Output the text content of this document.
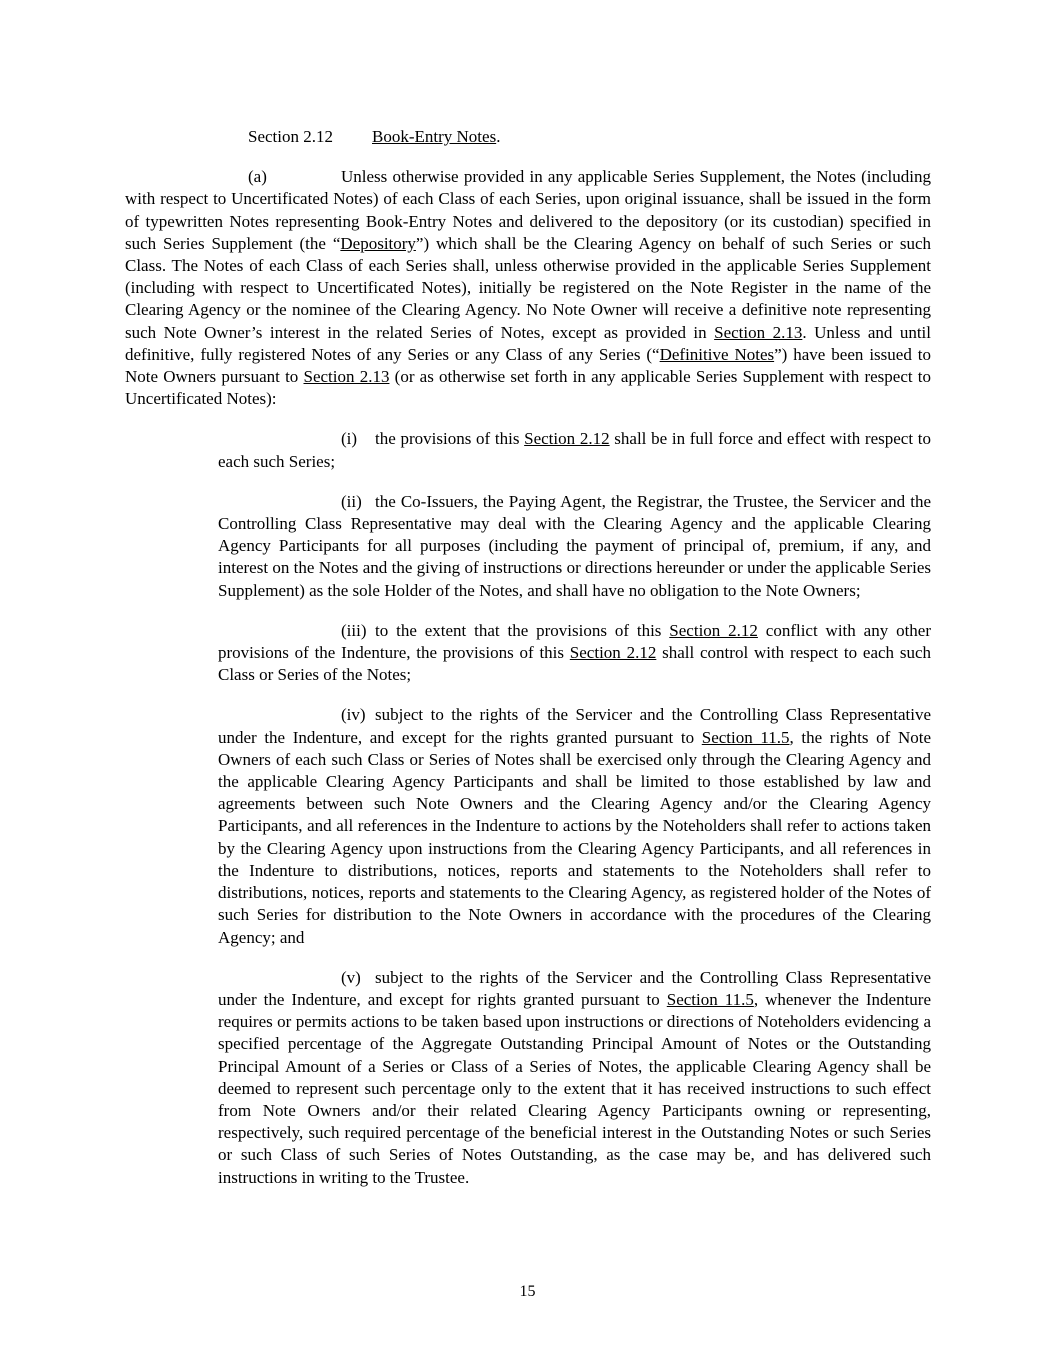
Section 2.12 Book-Entry Notes.

(a)	Unless otherwise provided in any applicable Series Supplement, the Notes (including with respect to Uncertificated Notes) of each Class of each Series, upon original issuance, shall be issued in the form of typewritten Notes representing Book-Entry Notes and delivered to the depository (or its custodian) specified in such Series Supplement (the “Depository”) which shall be the Clearing Agency on behalf of such Series or such Class. The Notes of each Class of each Series shall, unless otherwise provided in the applicable Series Supplement (including with respect to Uncertificated Notes), initially be registered on the Note Register in the name of the Clearing Agency or the nominee of the Clearing Agency. No Note Owner will receive a definitive note representing such Note Owner’s interest in the related Series of Notes, except as provided in Section 2.13. Unless and until definitive, fully registered Notes of any Series or any Class of any Series (“Definitive Notes”) have been issued to Note Owners pursuant to Section 2.13 (or as otherwise set forth in any applicable Series Supplement with respect to Uncertificated Notes):

(i) the provisions of this Section 2.12 shall be in full force and effect with respect to each such Series;

(ii) the Co-Issuers, the Paying Agent, the Registrar, the Trustee, the Servicer and the Controlling Class Representative may deal with the Clearing Agency and the applicable Clearing Agency Participants for all purposes (including the payment of principal of, premium, if any, and interest on the Notes and the giving of instructions or directions hereunder or under the applicable Series Supplement) as the sole Holder of the Notes, and shall have no obligation to the Note Owners;

(iii) to the extent that the provisions of this Section 2.12 conflict with any other provisions of the Indenture, the provisions of this Section 2.12 shall control with respect to each such Class or Series of the Notes;

(iv) subject to the rights of the Servicer and the Controlling Class Representative under the Indenture, and except for the rights granted pursuant to Section 11.5, the rights of Note Owners of each such Class or Series of Notes shall be exercised only through the Clearing Agency and the applicable Clearing Agency Participants and shall be limited to those established by law and agreements between such Note Owners and the Clearing Agency and/or the Clearing Agency Participants, and all references in the Indenture to actions by the Noteholders shall refer to actions taken by the Clearing Agency upon instructions from the Clearing Agency Participants, and all references in the Indenture to distributions, notices, reports and statements to the Noteholders shall refer to distributions, notices, reports and statements to the Clearing Agency, as registered holder of the Notes of such Series for distribution to the Note Owners in accordance with the procedures of the Clearing Agency; and

(v) subject to the rights of the Servicer and the Controlling Class Representative under the Indenture, and except for rights granted pursuant to Section 11.5, whenever the Indenture requires or permits actions to be taken based upon instructions or directions of Noteholders evidencing a specified percentage of the Aggregate Outstanding Principal Amount of Notes or the Outstanding Principal Amount of a Series or Class of a Series of Notes, the applicable Clearing Agency shall be deemed to represent such percentage only to the extent that it has received instructions to such effect from Note Owners and/or their related Clearing Agency Participants owning or representing, respectively, such required percentage of the beneficial interest in the Outstanding Notes or such Series or such Class of such Series of Notes Outstanding, as the case may be, and has delivered such instructions in writing to the Trustee.

15
